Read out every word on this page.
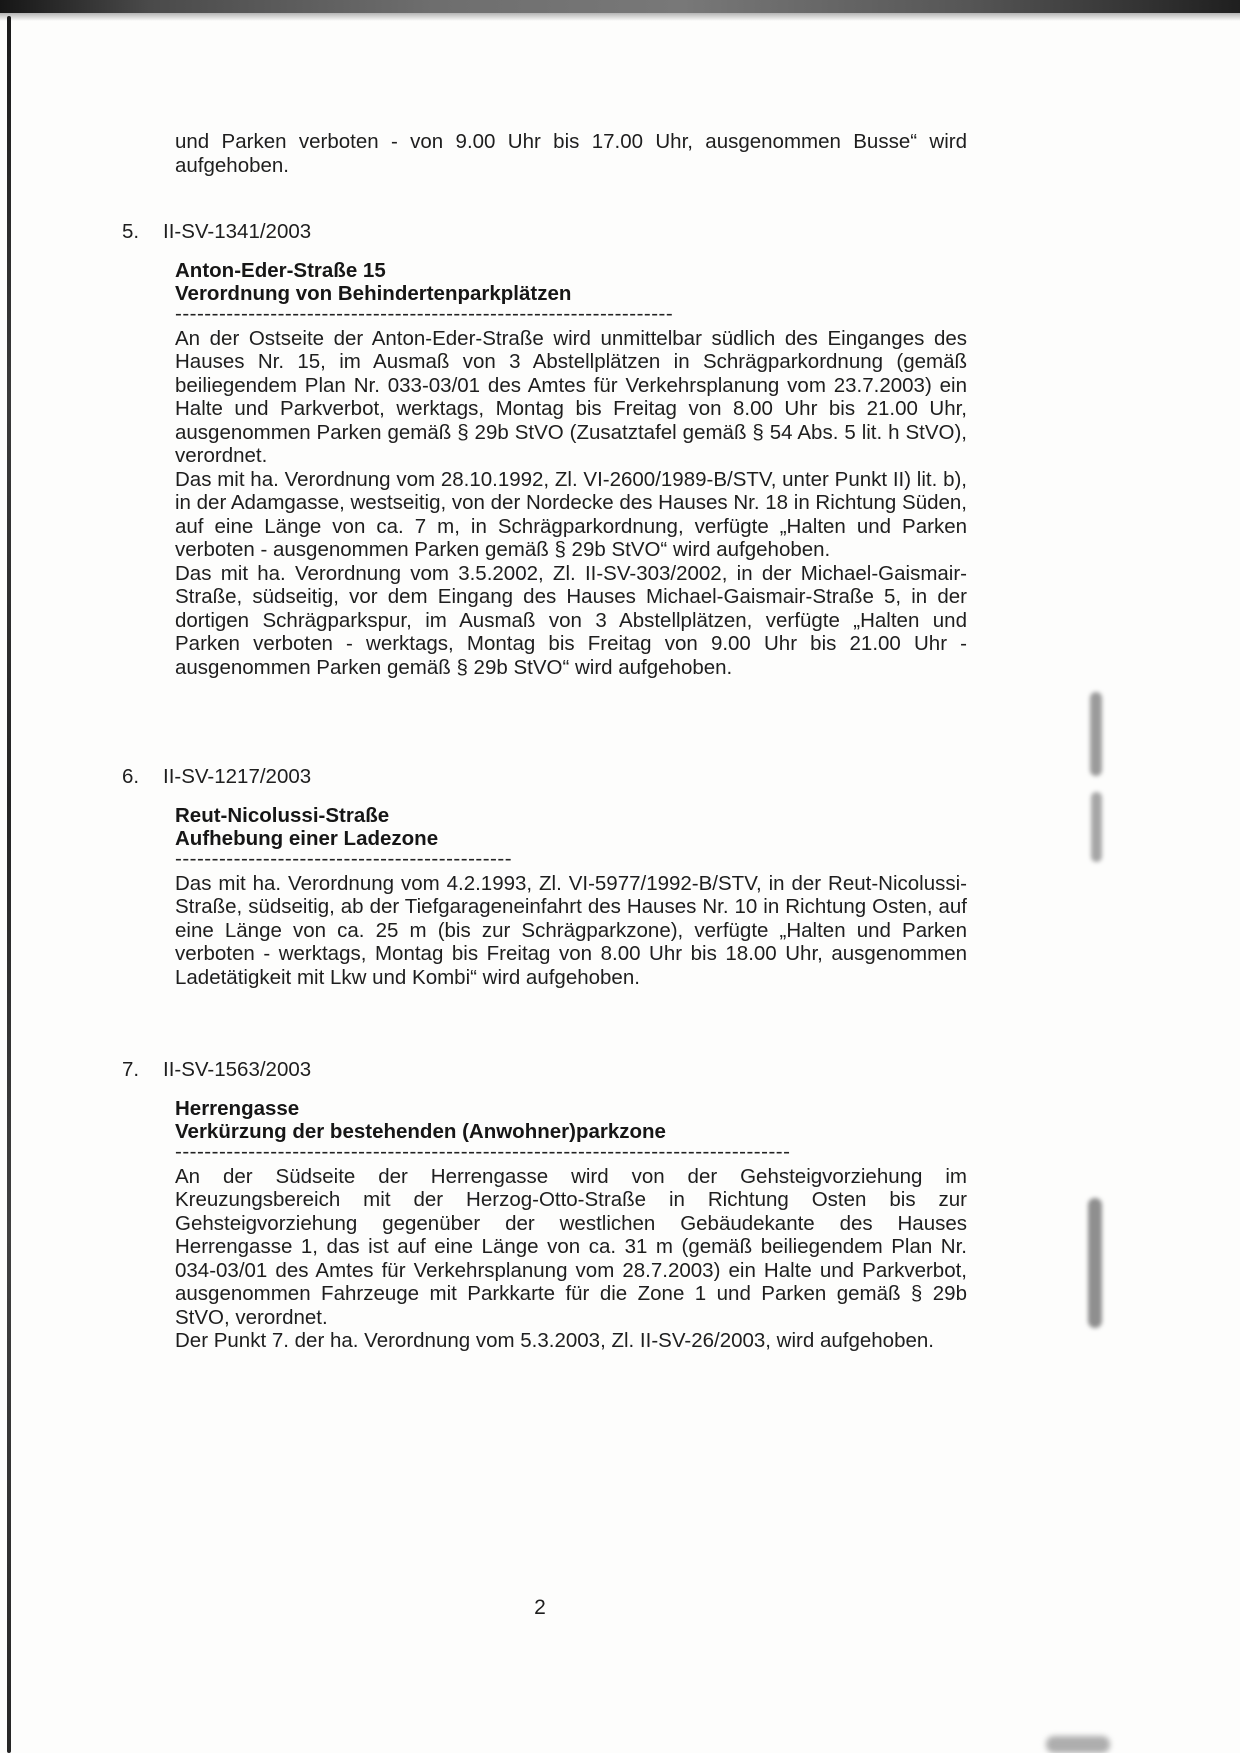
und Parken verboten - von 9.00 Uhr bis 17.00 Uhr, ausgenommen Busse“ wird aufgehoben.
5. II-SV-1341/2003
Anton-Eder-Straße 15
Verordnung von Behindertenparkplätzen
--------------------------------------------------------------------

An der Ostseite der Anton-Eder-Straße wird unmittelbar südlich des Einganges des Hauses Nr. 15, im Ausmaß von 3 Abstellplätzen in Schrägparkordnung (gemäß beiliegendem Plan Nr. 033-03/01 des Amtes für Verkehrsplanung vom 23.7.2003) ein Halte und Parkverbot, werktags, Montag bis Freitag von 8.00 Uhr bis 21.00 Uhr, ausgenommen Parken gemäß § 29b StVO (Zusatztafel gemäß § 54 Abs. 5 lit. h StVO), verordnet.

Das mit ha. Verordnung vom 28.10.1992, Zl. VI-2600/1989-B/STV, unter Punkt II) lit. b), in der Adamgasse, westseitig, von der Nordecke des Hauses Nr. 18 in Richtung Süden, auf eine Länge von ca. 7 m, in Schrägparkordnung, verfügte „Halten und Parken verboten - ausgenommen Parken gemäß § 29b StVO“ wird aufgehoben.

Das mit ha. Verordnung vom 3.5.2002, Zl. II-SV-303/2002, in der Michael-Gaismair-Straße, südseitig, vor dem Eingang des Hauses Michael-Gaismair-Straße 5, in der dortigen Schrägparkspur, im Ausmaß von 3 Abstellplätzen, verfügte „Halten und Parken verboten - werktags, Montag bis Freitag von 9.00 Uhr bis 21.00 Uhr - ausgenommen Parken gemäß § 29b StVO“ wird aufgehoben.

6. II-SV-1217/2003
Reut-Nicolussi-Straße
Aufhebung einer Ladezone
----------------------------------------------

Das mit ha. Verordnung vom 4.2.1993, Zl. VI-5977/1992-B/STV, in der Reut-Nicolussi-Straße, südseitig, ab der Tiefgarageneinfahrt des Hauses Nr. 10 in Richtung Osten, auf eine Länge von ca. 25 m (bis zur Schrägparkzone), verfügte „Halten und Parken verboten - werktags, Montag bis Freitag von 8.00 Uhr bis 18.00 Uhr, ausgenommen Ladetätigkeit mit Lkw und Kombi“ wird aufgehoben.

7. II-SV-1563/2003
Herrengasse
Verkürzung der bestehenden (Anwohner)parkzone
------------------------------------------------------------------------------------

An der Südseite der Herrengasse wird von der Gehsteigvorziehung im Kreuzungsbereich mit der Herzog-Otto-Straße in Richtung Osten bis zur Gehsteigvorziehung gegenüber der westlichen Gebäudekante des Hauses Herrengasse 1, das ist auf eine Länge von ca. 31 m (gemäß beiliegendem Plan Nr. 034-03/01 des Amtes für Verkehrsplanung vom 28.7.2003) ein Halte und Parkverbot, ausgenommen Fahrzeuge mit Parkkarte für die Zone 1 und Parken gemäß § 29b StVO, verordnet.

Der Punkt 7. der ha. Verordnung vom 5.3.2003, Zl. II-SV-26/2003, wird aufgehoben.

2
